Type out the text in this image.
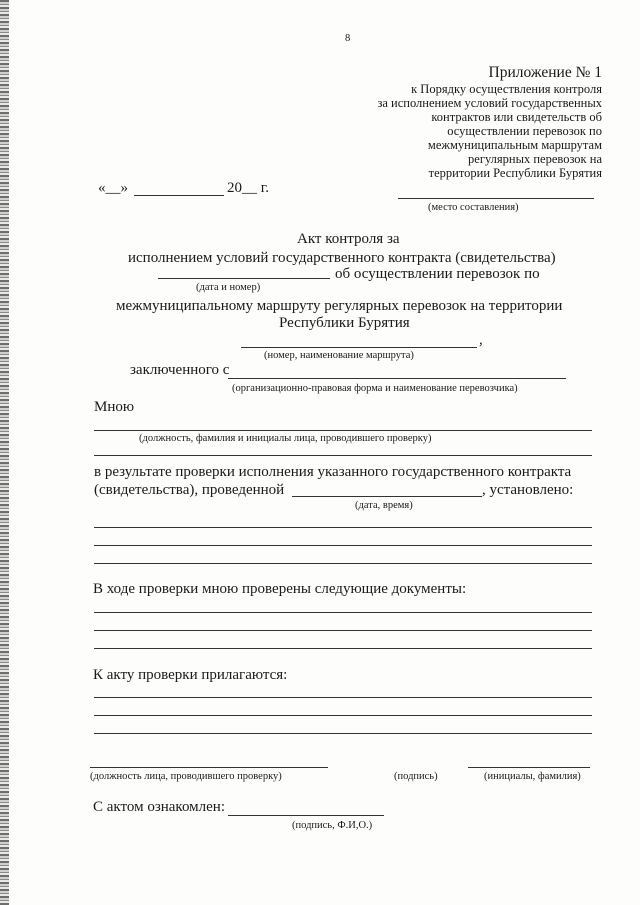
8
Приложение № 1
к Порядку осуществления контроля
за исполнением условий государственных
контрактов или свидетельств об
осуществлении перевозок по
межмуниципальным маршрутам
регулярных перевозок на
территории Республики Бурятия
«__»	20__ г.
(место составления)
Акт контроля за
исполнением условий государственного контракта (свидетельства)
об осуществлении перевозок по
(дата и номер)
межмуниципальному маршруту регулярных перевозок на территории
Республики Бурятия
,
(номер, наименование маршрута)
заключенного с
(организационно-правовая форма и наименование перевозчика)
Мною
(должность, фамилия и инициалы лица, проводившего проверку)
в результате проверки исполнения указанного государственного контракта
(свидетельства), проведенной	, установлено:
(дата, время)
В ходе проверки мною проверены следующие документы:
К акту проверки прилагаются:
(должность лица, проводившего проверку)	(подпись)	(инициалы, фамилия)
С актом ознакомлен:
(подпись, Ф.И,О.)
